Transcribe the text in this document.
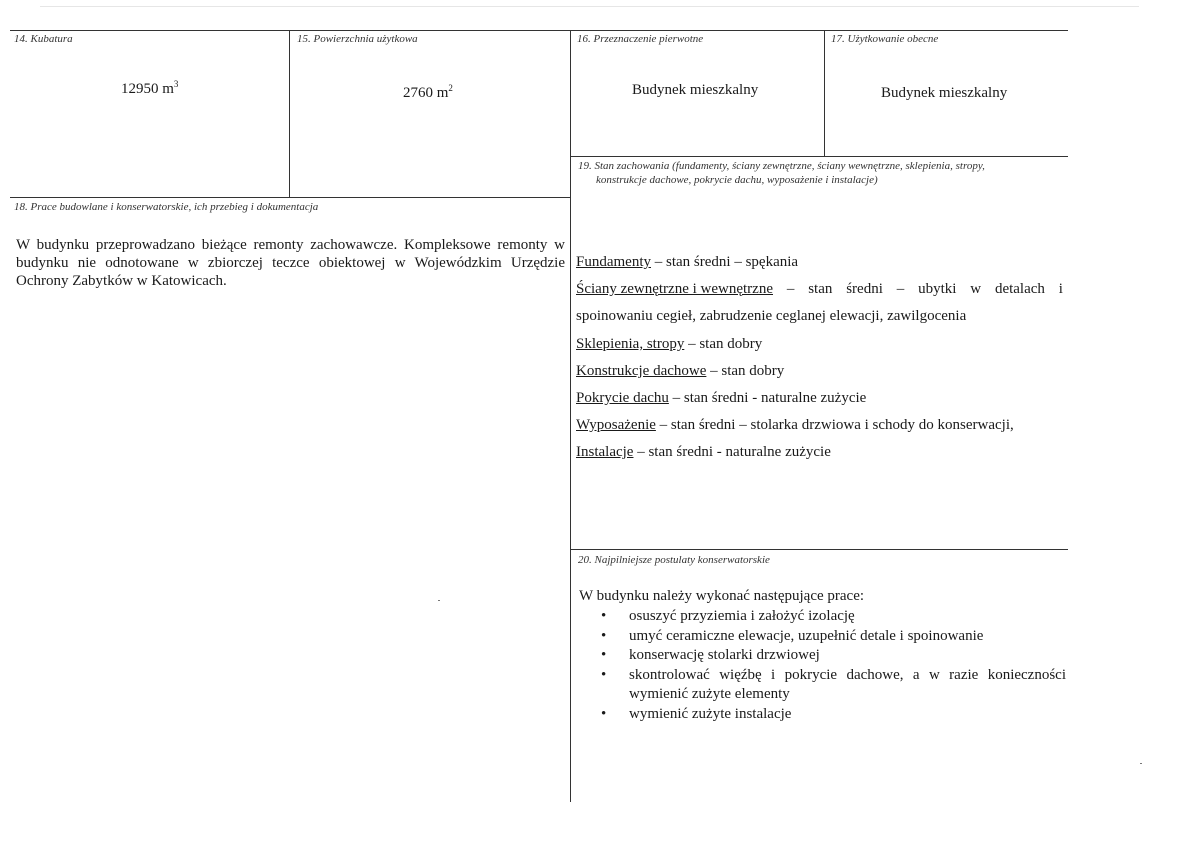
14. Kubatura
12950 $m^3$
15. Powierzchnia użytkowa
2760 $m^2$
16. Przeznaczenie pierwotne
Budynek mieszkalny
17. Użytkowanie obecne
Budynek mieszkalny
19. Stan zachowania (fundamenty, ściany zewnętrzne, ściany wewnętrzne, sklepienia, stropy,
konstrukcje dachowe, pokrycie dachu, wyposażenie i instalacje)
Fundamenty – stan średni – spękania
Ściany zewnętrzne i wewnętrzne – stan średni – ubytki w detalach i
spoinowaniu cegieł, zabrudzenie ceglanej elewacji, zawilgocenia
Sklepienia, stropy – stan dobry
Konstrukcje dachowe – stan dobry
Pokrycie dachu – stan średni - naturalne zużycie
Wyposażenie – stan średni – stolarka drzwiowa i schody do konserwacji,
Instalacje – stan średni - naturalne zużycie
18. Prace budowlane i konserwatorskie, ich przebieg i dokumentacja
W budynku przeprowadzano bieżące remonty zachowawcze. Kompleksowe remonty w
budynku nie odnotowane w zbiorczej teczce obiektowej w Wojewódzkim Urzędzie
Ochrony Zabytków w Katowicach.
20. Najpilniejsze postulaty konserwatorskie
W budynku należy wykonać następujące prace:
• osuszyć przyziemia i założyć izolację
• umyć ceramiczne elewacje, uzupełnić detale i spoinowanie
• konserwację stolarki drzwiowej
• skontrolować więźbę i pokrycie dachowe, a w razie konieczności wymienić zużyte elementy
• wymienić zużyte instalacje
